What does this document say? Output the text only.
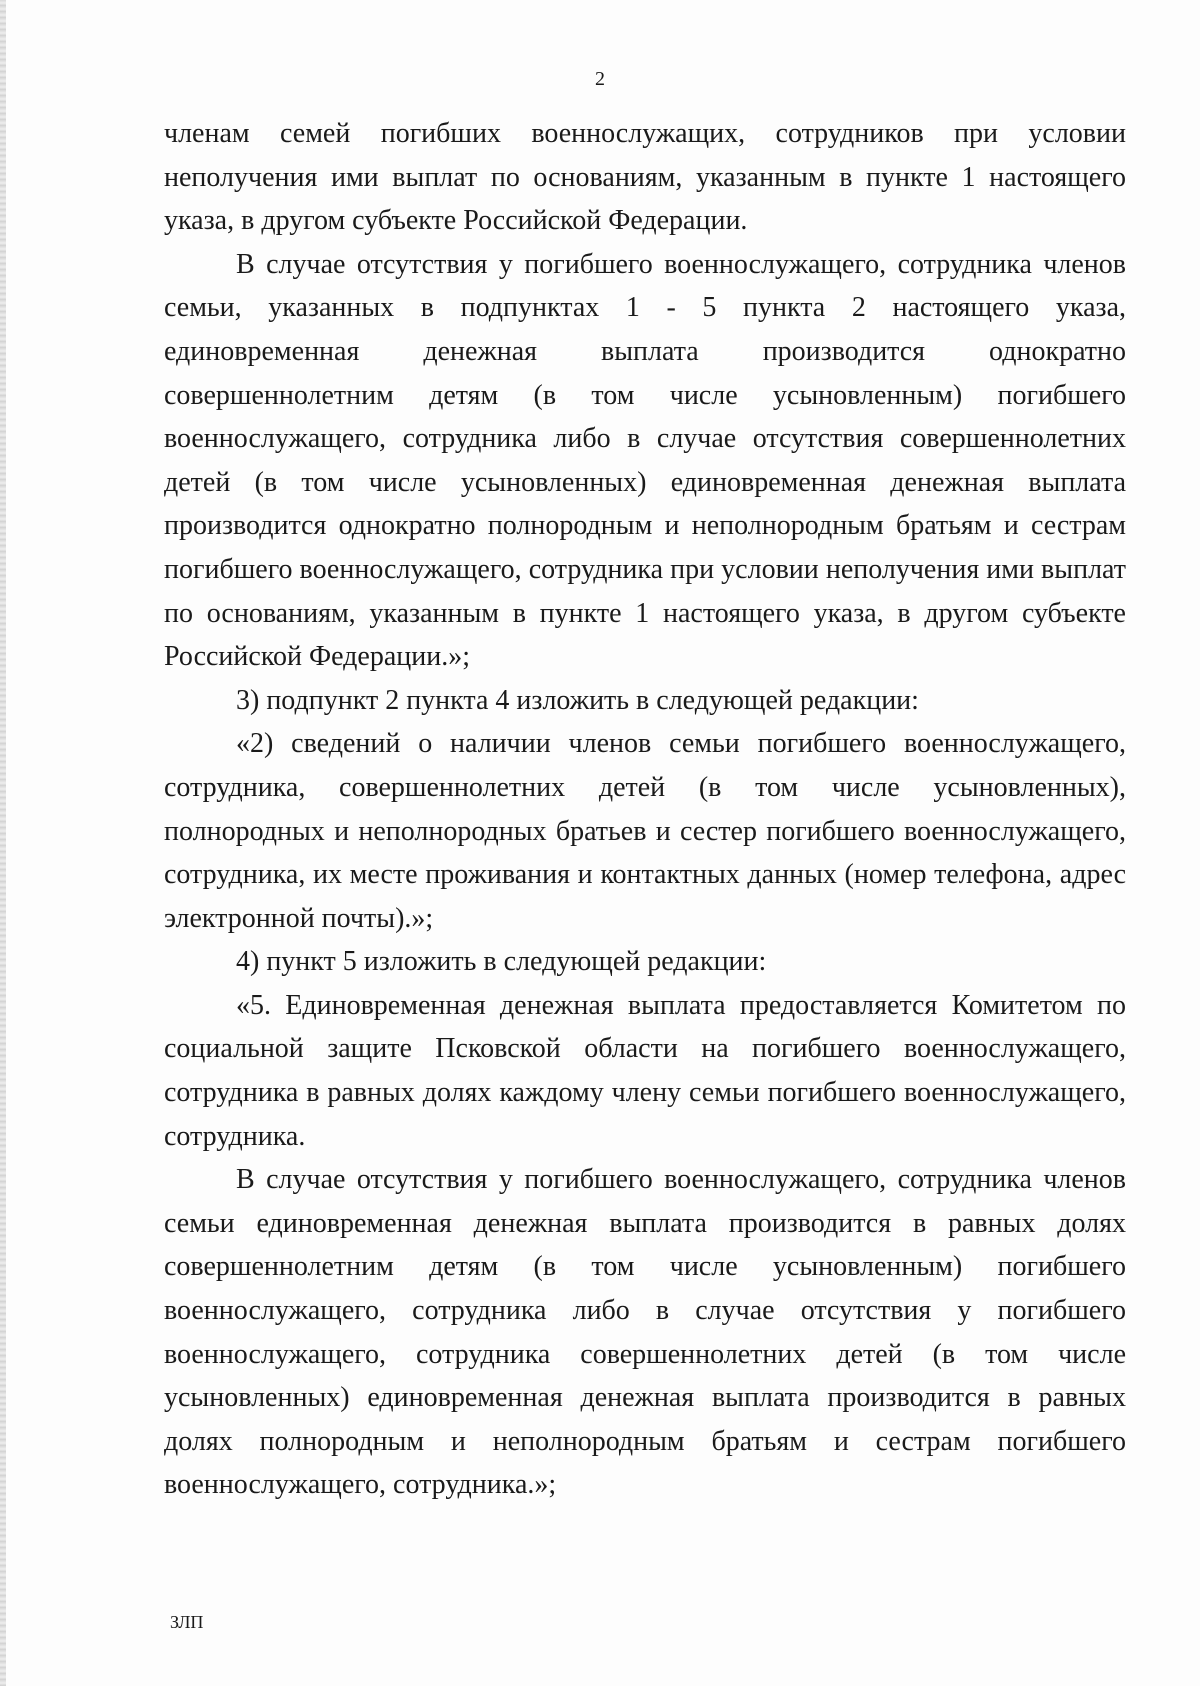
2

членам семей погибших военнослужащих, сотрудников при условии неполучения ими выплат по основаниям, указанным в пункте 1 настоящего указа, в другом субъекте Российской Федерации.

В случае отсутствия у погибшего военнослужащего, сотрудника членов семьи, указанных в подпунктах 1 - 5 пункта 2 настоящего указа, единовременная денежная выплата производится однократно совершеннолетним детям (в том числе усыновленным) погибшего военнослужащего, сотрудника либо в случае отсутствия совершеннолетних детей (в том числе усыновленных) единовременная денежная выплата производится однократно полнородным и неполнородным братьям и сестрам погибшего военнослужащего, сотрудника при условии неполучения ими выплат по основаниям, указанным в пункте 1 настоящего указа, в другом субъекте Российской Федерации.»;

3) подпункт 2 пункта 4 изложить в следующей редакции:

«2) сведений о наличии членов семьи погибшего военнослужащего, сотрудника, совершеннолетних детей (в том числе усыновленных), полнородных и неполнородных братьев и сестер погибшего военнослужащего, сотрудника, их месте проживания и контактных данных (номер телефона, адрес электронной почты).»;

4) пункт 5 изложить в следующей редакции:

«5. Единовременная денежная выплата предоставляется Комитетом по социальной защите Псковской области на погибшего военнослужащего, сотрудника в равных долях каждому члену семьи погибшего военнослужащего, сотрудника.

В случае отсутствия у погибшего военнослужащего, сотрудника членов семьи единовременная денежная выплата производится в равных долях совершеннолетним детям (в том числе усыновленным) погибшего военнослужащего, сотрудника либо в случае отсутствия у погибшего военнослужащего, сотрудника совершеннолетних детей (в том числе усыновленных) единовременная денежная выплата производится в равных долях полнородным и неполнородным братьям и сестрам погибшего военнослужащего, сотрудника.»;

ЗЛП
